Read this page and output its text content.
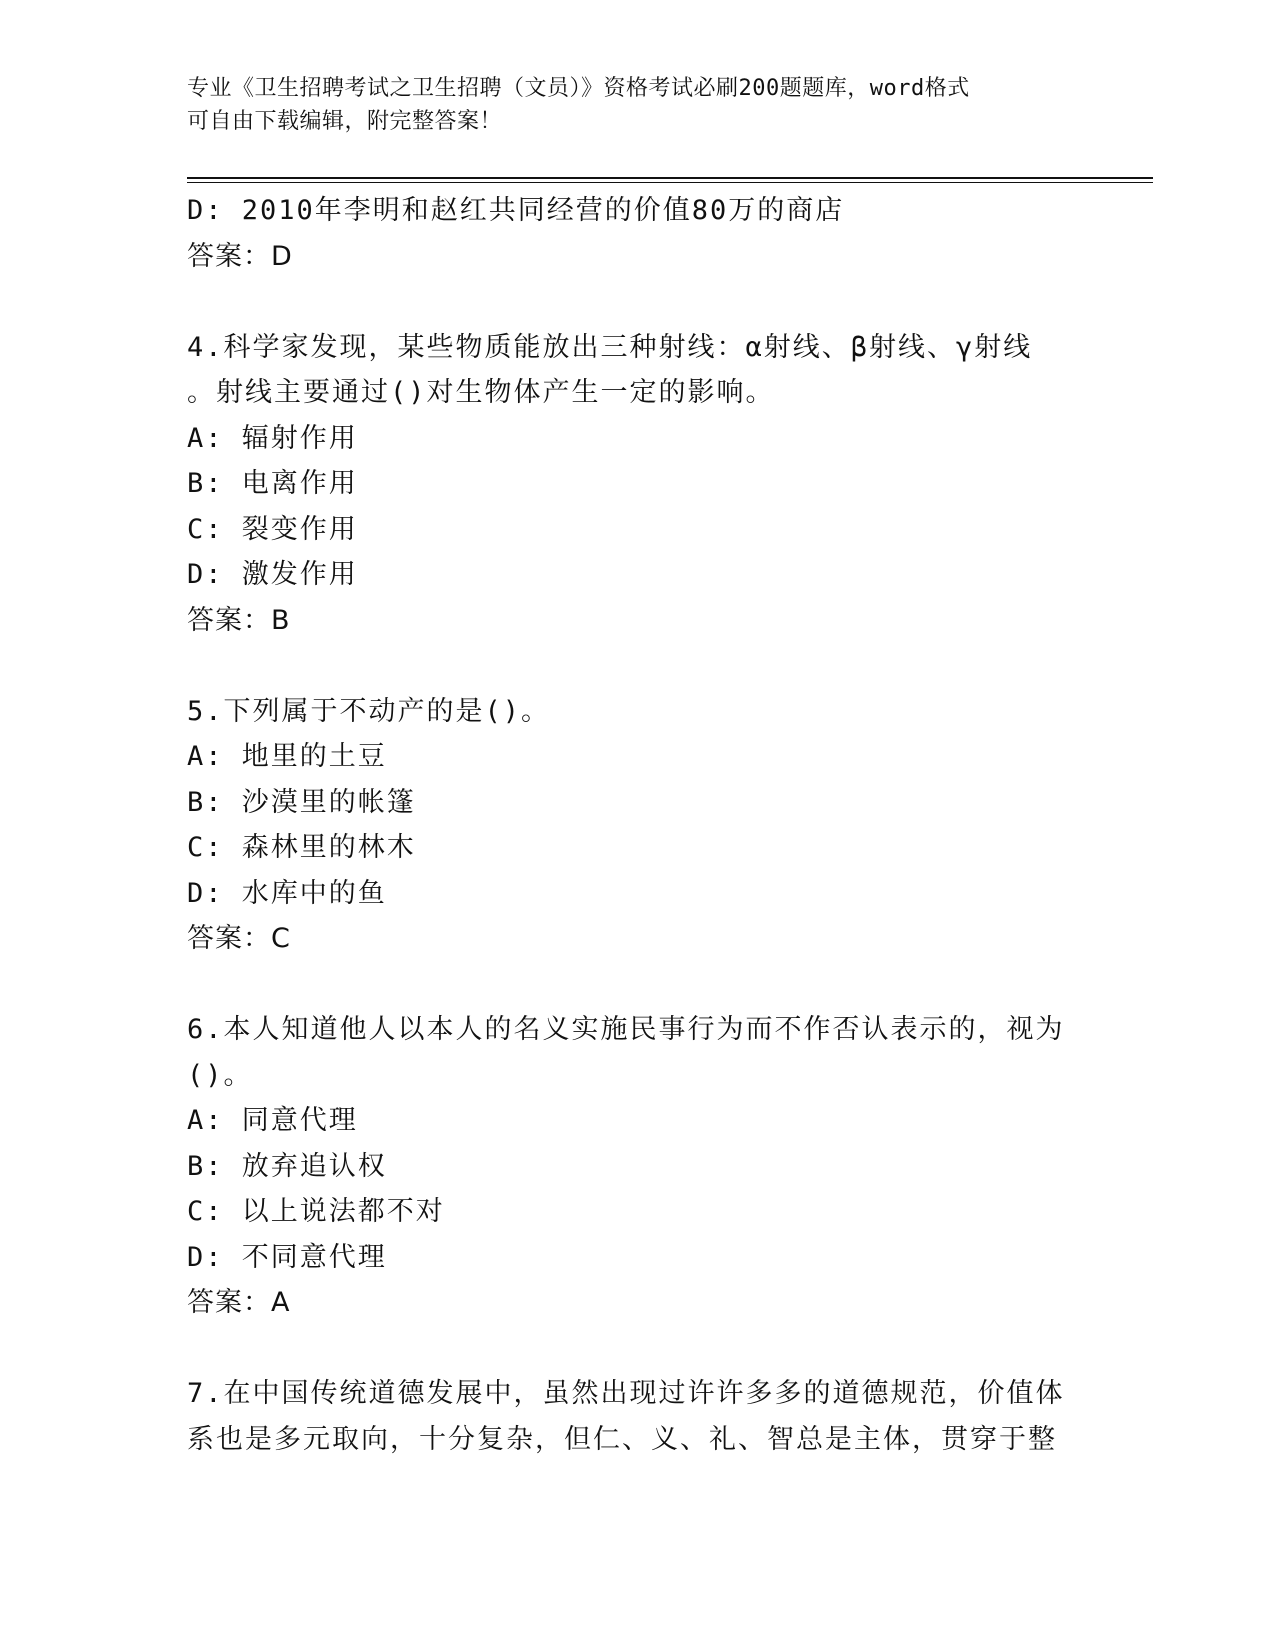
专业《卫生招聘考试之卫生招聘（文员）》资格考试必刷200题题库，word格式
可自由下载编辑，附完整答案！
D: 2010年李明和赵红共同经营的价值80万的商店
答案：D
4.科学家发现，某些物质能放出三种射线：α射线、β射线、γ射线
。射线主要通过()对生物体产生一定的影响。
A: 辐射作用
B: 电离作用
C: 裂变作用
D: 激发作用
答案：B
5.下列属于不动产的是()。
A: 地里的土豆
B: 沙漠里的帐篷
C: 森林里的林木
D: 水库中的鱼
答案：C
6.本人知道他人以本人的名义实施民事行为而不作否认表示的，视为
()。
A: 同意代理
B: 放弃追认权
C: 以上说法都不对
D: 不同意代理
答案：A
7.在中国传统道德发展中，虽然出现过许许多多的道德规范，价值体
系也是多元取向，十分复杂，但仁、义、礼、智总是主体，贯穿于整
